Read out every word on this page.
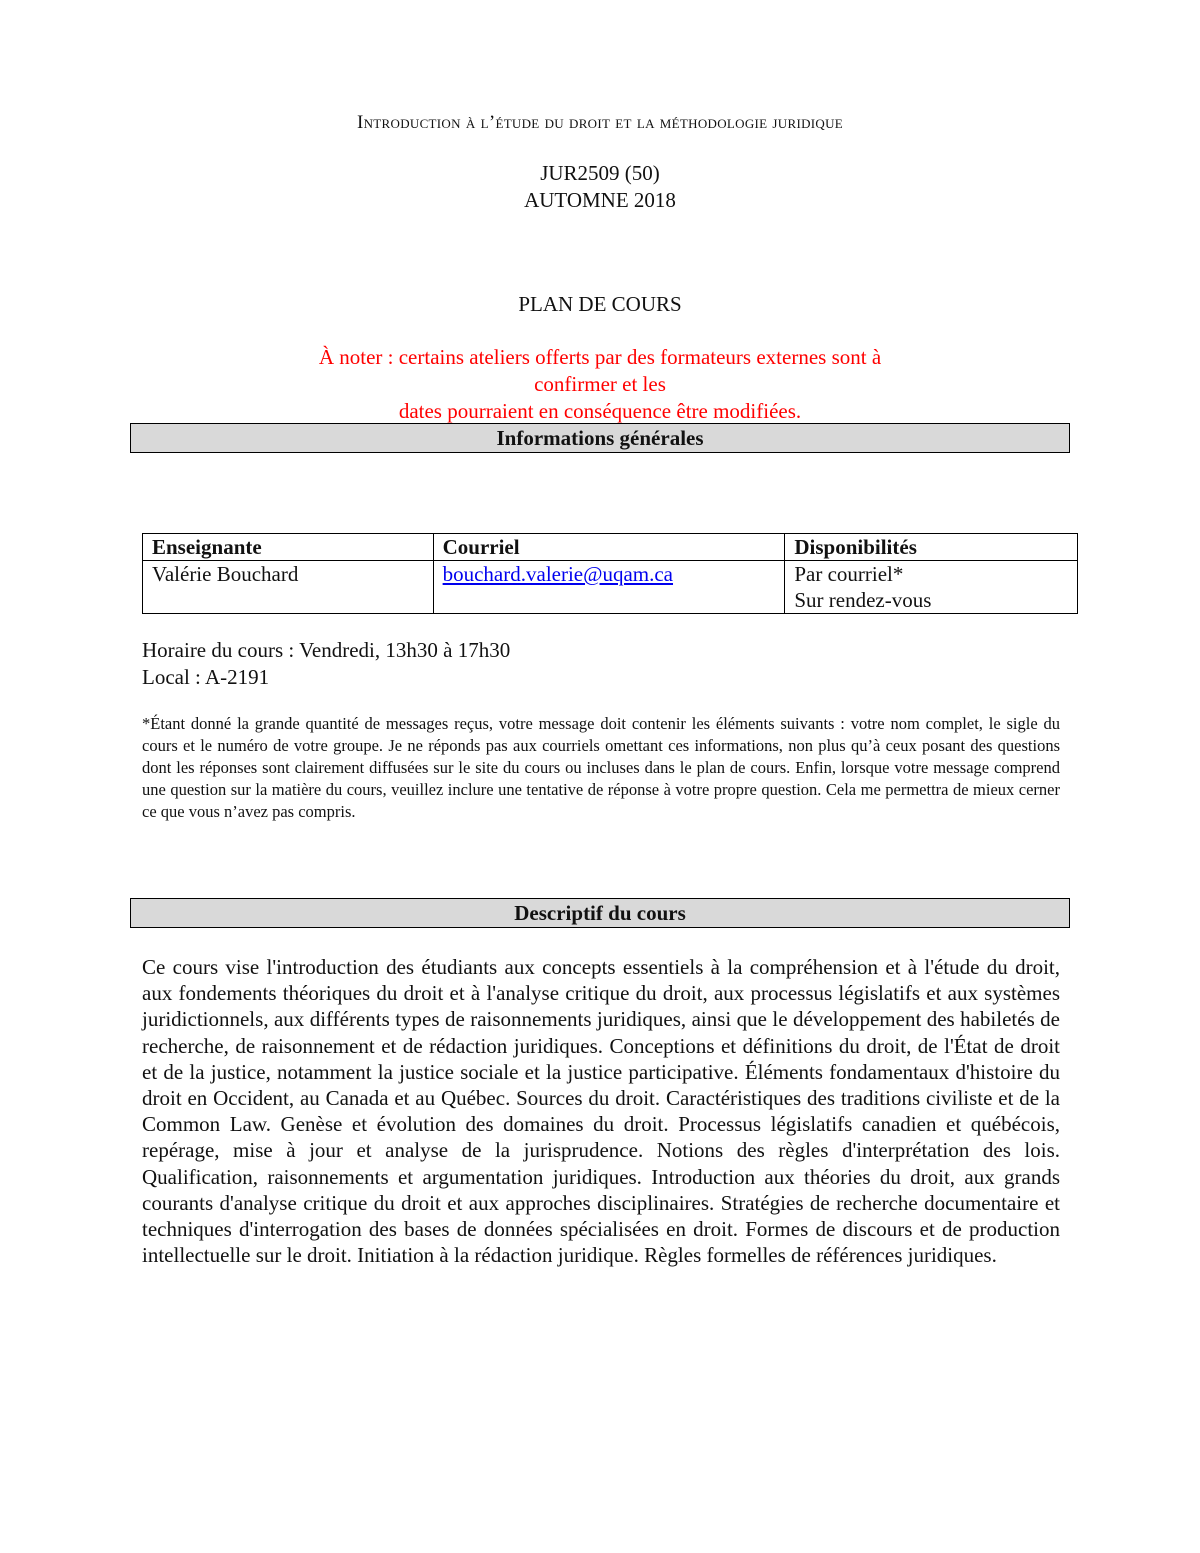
Introduction à l’étude du droit et la méthodologie juridique
JUR2509 (50)
AUTOMNE 2018
PLAN DE COURS
À noter : certains ateliers offerts par des formateurs externes sont à confirmer et les
dates pourraient en conséquence être modifiées.
Informations générales
Enseignante	Courriel	Disponibilités
Valérie Bouchard	bouchard.valerie@uqam.ca	Par courriel*
Sur rendez-vous
Horaire du cours : Vendredi, 13h30 à 17h30
Local : A-2191
*Étant donné la grande quantité de messages reçus, votre message doit contenir les éléments suivants : votre nom complet, le sigle du cours et le numéro de votre groupe. Je ne réponds pas aux courriels omettant ces informations, non plus qu’à ceux posant des questions dont les réponses sont clairement diffusées sur le site du cours ou incluses dans le plan de cours. Enfin, lorsque votre message comprend une question sur la matière du cours, veuillez inclure une tentative de réponse à votre propre question. Cela me permettra de mieux cerner ce que vous n’avez pas compris.
Descriptif du cours
Ce cours vise l'introduction des étudiants aux concepts essentiels à la compréhension et à l'étude du droit, aux fondements théoriques du droit et à l'analyse critique du droit, aux processus législatifs et aux systèmes juridictionnels, aux différents types de raisonnements juridiques, ainsi que le développement des habiletés de recherche, de raisonnement et de rédaction juridiques. Conceptions et définitions du droit, de l'État de droit et de la justice, notamment la justice sociale et la justice participative. Éléments fondamentaux d'histoire du droit en Occident, au Canada et au Québec. Sources du droit. Caractéristiques des traditions civiliste et de la Common Law. Genèse et évolution des domaines du droit. Processus législatifs canadien et québécois, repérage, mise à jour et analyse de la jurisprudence. Notions des règles d'interprétation des lois. Qualification, raisonnements et argumentation juridiques. Introduction aux théories du droit, aux grands courants d'analyse critique du droit et aux approches disciplinaires. Stratégies de recherche documentaire et techniques d'interrogation des bases de données spécialisées en droit. Formes de discours et de production intellectuelle sur le droit. Initiation à la rédaction juridique. Règles formelles de références juridiques.
